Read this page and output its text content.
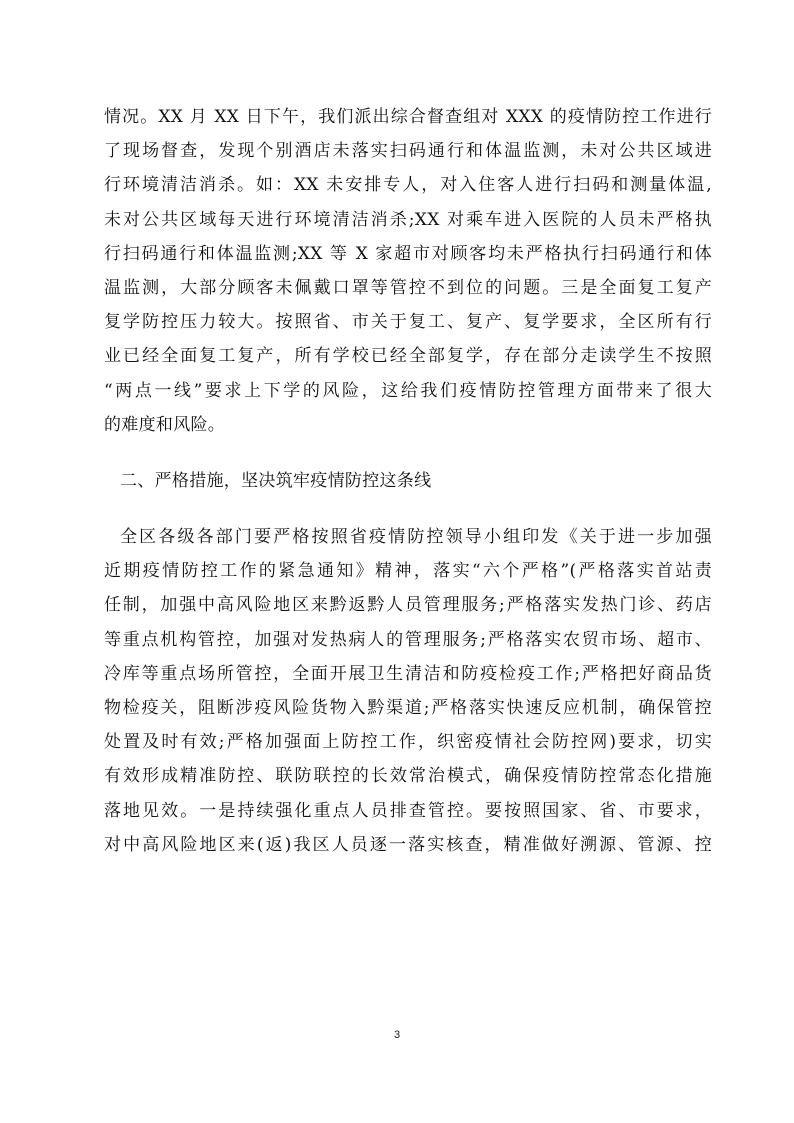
情况。XX 月 XX 日下午，我们派出综合督查组对 XXX 的疫情防控工作进行
了现场督查，发现个别酒店未落实扫码通行和体温监测，未对公共区域进
行环境清洁消杀。如：XX 未安排专人，对入住客人进行扫码和测量体温,
未对公共区域每天进行环境清洁消杀;XX 对乘车进入医院的人员未严格执
行扫码通行和体温监测;XX 等 X 家超市对顾客均未严格执行扫码通行和体
温监测，大部分顾客未佩戴口罩等管控不到位的问题。三是全面复工复产
复学防控压力较大。按照省、市关于复工、复产、复学要求，全区所有行
业已经全面复工复产，所有学校已经全部复学，存在部分走读学生不按照
“两点一线”要求上下学的风险，这给我们疫情防控管理方面带来了很大
的难度和风险。
二、严格措施，坚决筑牢疫情防控这条线
全区各级各部门要严格按照省疫情防控领导小组印发《关于进一步加强
近期疫情防控工作的紧急通知》精神，落实“六个严格”(严格落实首站责
任制，加强中高风险地区来黔返黔人员管理服务;严格落实发热门诊、药店
等重点机构管控，加强对发热病人的管理服务;严格落实农贸市场、超市、
冷库等重点场所管控，全面开展卫生清洁和防疫检疫工作;严格把好商品货
物检疫关，阻断涉疫风险货物入黔渠道;严格落实快速反应机制，确保管控
处置及时有效;严格加强面上防控工作，织密疫情社会防控网)要求，切实
有效形成精准防控、联防联控的长效常治模式，确保疫情防控常态化措施
落地见效。一是持续强化重点人员排查管控。要按照国家、省、市要求，
对中高风险地区来(返)我区人员逐一落实核查，精准做好溯源、管源、控
3
